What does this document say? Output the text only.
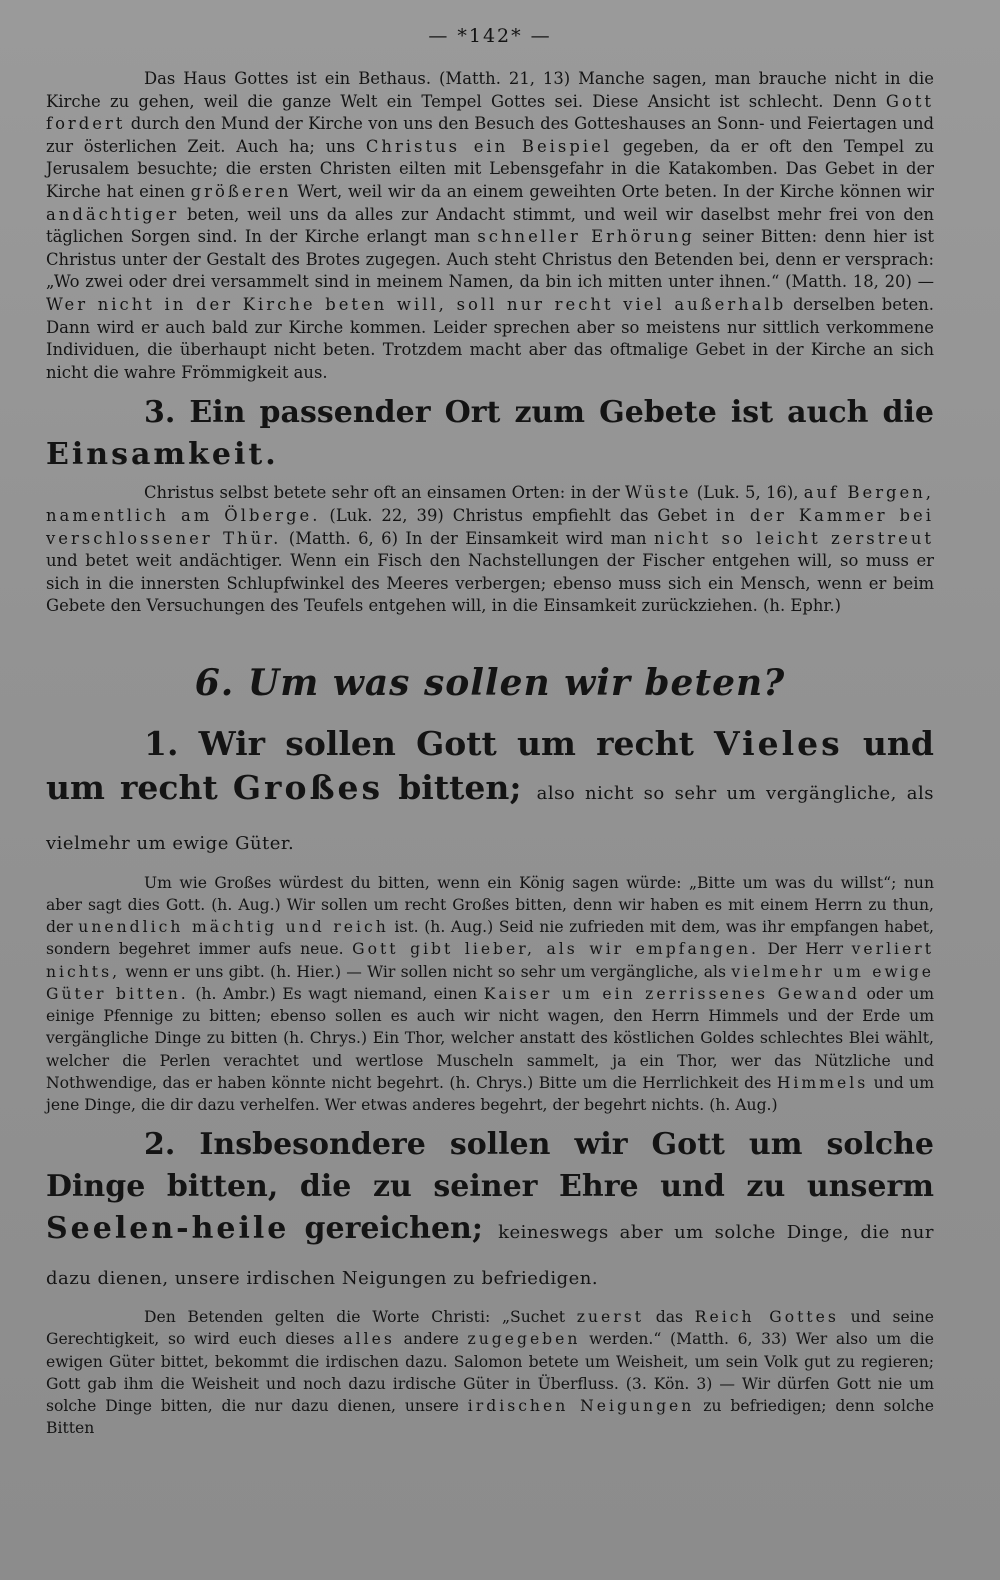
— *142* —

Das Haus Gottes ist ein Bethaus. (Matth. 21, 13) Manche sagen, man brauche nicht in die Kirche zu gehen, weil die ganze Welt ein Tempel Gottes sei. Diese Ansicht ist schlecht. Denn Gott fordert durch den Mund der Kirche von uns den Besuch des Gotteshauses an Sonn- und Feiertagen und zur österlichen Zeit. Auch ha; uns Christus ein Beispiel gegeben, da er oft den Tempel zu Jerusalem besuchte; die ersten Christen eilten mit Lebensgefahr in die Katakomben. Das Gebet in der Kirche hat einen größeren Wert, weil wir da an einem geweihten Orte beten. In der Kirche können wir andächtiger beten, weil uns da alles zur Andacht stimmt, und weil wir daselbst mehr frei von den täglichen Sorgen sind. In der Kirche erlangt man schneller Erhörung seiner Bitten: denn hier ist Christus unter der Gestalt des Brotes zugegen. Auch steht Christus den Betenden bei, denn er versprach: „Wo zwei oder drei versammelt sind in meinem Namen, da bin ich mitten unter ihnen.“ (Matth. 18, 20) — Wer nicht in der Kirche beten will, soll nur recht viel außerhalb derselben beten. Dann wird er auch bald zur Kirche kommen. Leider sprechen aber so meistens nur sittlich verkommene Individuen, die überhaupt nicht beten. Trotzdem macht aber das oftmalige Gebet in der Kirche an sich nicht die wahre Frömmigkeit aus.

3. Ein passender Ort zum Gebete ist auch die Einsamkeit.

Christus selbst betete sehr oft an einsamen Orten: in der Wüste (Luk. 5, 16), auf Bergen, namentlich am Ölberge. (Luk. 22, 39) Christus empfiehlt das Gebet in der Kammer bei verschlossener Thür. (Matth. 6, 6) In der Einsamkeit wird man nicht so leicht zerstreut und betet weit andächtiger. Wenn ein Fisch den Nachstellungen der Fischer entgehen will, so muss er sich in die innersten Schlupfwinkel des Meeres verbergen; ebenso muss sich ein Mensch, wenn er beim Gebete den Versuchungen des Teufels entgehen will, in die Einsamkeit zurückziehen. (h. Ephr.)

6. Um was sollen wir beten?
1. Wir sollen Gott um recht Vieles und um recht Großes bitten; also nicht so sehr um vergängliche, als vielmehr um ewige Güter.

Um wie Großes würdest du bitten, wenn ein König sagen würde: „Bitte um was du willst“; nun aber sagt dies Gott. (h. Aug.) Wir sollen um recht Großes bitten, denn wir haben es mit einem Herrn zu thun, der unendlich mächtig und reich ist. (h. Aug.) Seid nie zufrieden mit dem, was ihr empfangen habet, sondern begehret immer aufs neue. Gott gibt lieber, als wir empfangen. Der Herr verliert nichts, wenn er uns gibt. (h. Hier.) — Wir sollen nicht so sehr um vergängliche, als vielmehr um ewige Güter bitten. (h. Ambr.) Es wagt niemand, einen Kaiser um ein zerrissenes Gewand oder um einige Pfennige zu bitten; ebenso sollen es auch wir nicht wagen, den Herrn Himmels und der Erde um vergängliche Dinge zu bitten (h. Chrys.) Ein Thor, welcher anstatt des köstlichen Goldes schlechtes Blei wählt, welcher die Perlen verachtet und wertlose Muscheln sammelt, ja ein Thor, wer das Nützliche und Nothwendige, das er haben könnte nicht begehrt. (h. Chrys.) Bitte um die Herrlichkeit des Himmels und um jene Dinge, die dir dazu verhelfen. Wer etwas anderes begehrt, der begehrt nichts. (h. Aug.)

2. Insbesondere sollen wir Gott um solche Dinge bitten, die zu seiner Ehre und zu unserm Seelen-heile gereichen; keineswegs aber um solche Dinge, die nur dazu dienen, unsere irdischen Neigungen zu befriedigen.

Den Betenden gelten die Worte Christi: „Suchet zuerst das Reich Gottes und seine Gerechtigkeit, so wird euch dieses alles andere zugegeben werden.“ (Matth. 6, 33) Wer also um die ewigen Güter bittet, bekommt die irdischen dazu. Salomon betete um Weisheit, um sein Volk gut zu regieren; Gott gab ihm die Weisheit und noch dazu irdische Güter in Überfluss. (3. Kön. 3) — Wir dürfen Gott nie um solche Dinge bitten, die nur dazu dienen, unsere irdischen Neigungen zu befriedigen; denn solche Bitten
